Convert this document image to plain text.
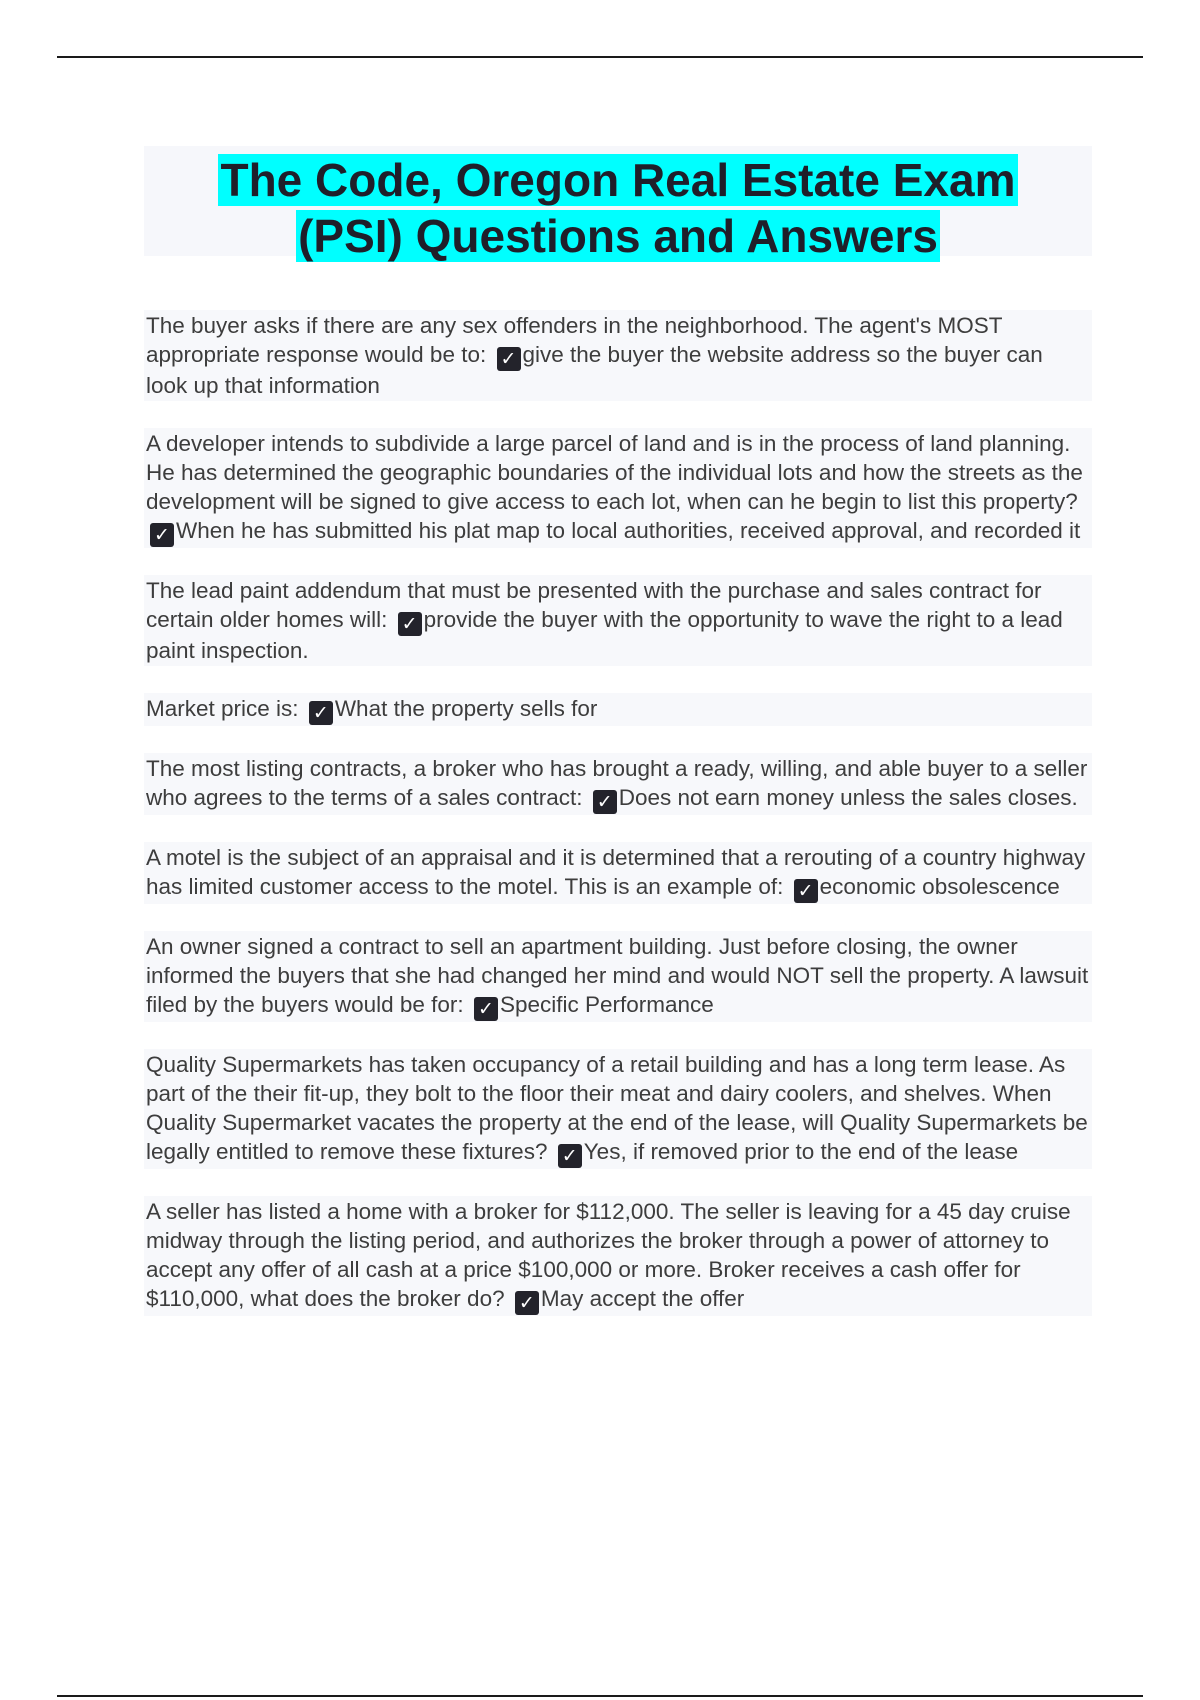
The Code, Oregon Real Estate Exam
(PSI) Questions and Answers

The buyer asks if there are any sex offenders in the neighborhood. The agent's MOST appropriate response would be to: ✓ give the buyer the website address so the buyer can look up that information

A developer intends to subdivide a large parcel of land and is in the process of land planning. He has determined the geographic boundaries of the individual lots and how the streets as the development will be signed to give access to each lot, when can he begin to list this property? ✓ When he has submitted his plat map to local authorities, received approval, and recorded it

The lead paint addendum that must be presented with the purchase and sales contract for certain older homes will: ✓ provide the buyer with the opportunity to wave the right to a lead paint inspection.

Market price is: ✓ What the property sells for

The most listing contracts, a broker who has brought a ready, willing, and able buyer to a seller who agrees to the terms of a sales contract: ✓ Does not earn money unless the sales closes.

A motel is the subject of an appraisal and it is determined that a rerouting of a country highway has limited customer access to the motel. This is an example of: ✓ economic obsolescence

An owner signed a contract to sell an apartment building. Just before closing, the owner informed the buyers that she had changed her mind and would NOT sell the property. A lawsuit filed by the buyers would be for: ✓ Specific Performance

Quality Supermarkets has taken occupancy of a retail building and has a long term lease. As part of the their fit-up, they bolt to the floor their meat and dairy coolers, and shelves. When Quality Supermarket vacates the property at the end of the lease, will Quality Supermarkets be legally entitled to remove these fixtures? ✓ Yes, if removed prior to the end of the lease

A seller has listed a home with a broker for $112,000. The seller is leaving for a 45 day cruise midway through the listing period, and authorizes the broker through a power of attorney to accept any offer of all cash at a price $100,000 or more. Broker receives a cash offer for $110,000, what does the broker do? ✓ May accept the offer
